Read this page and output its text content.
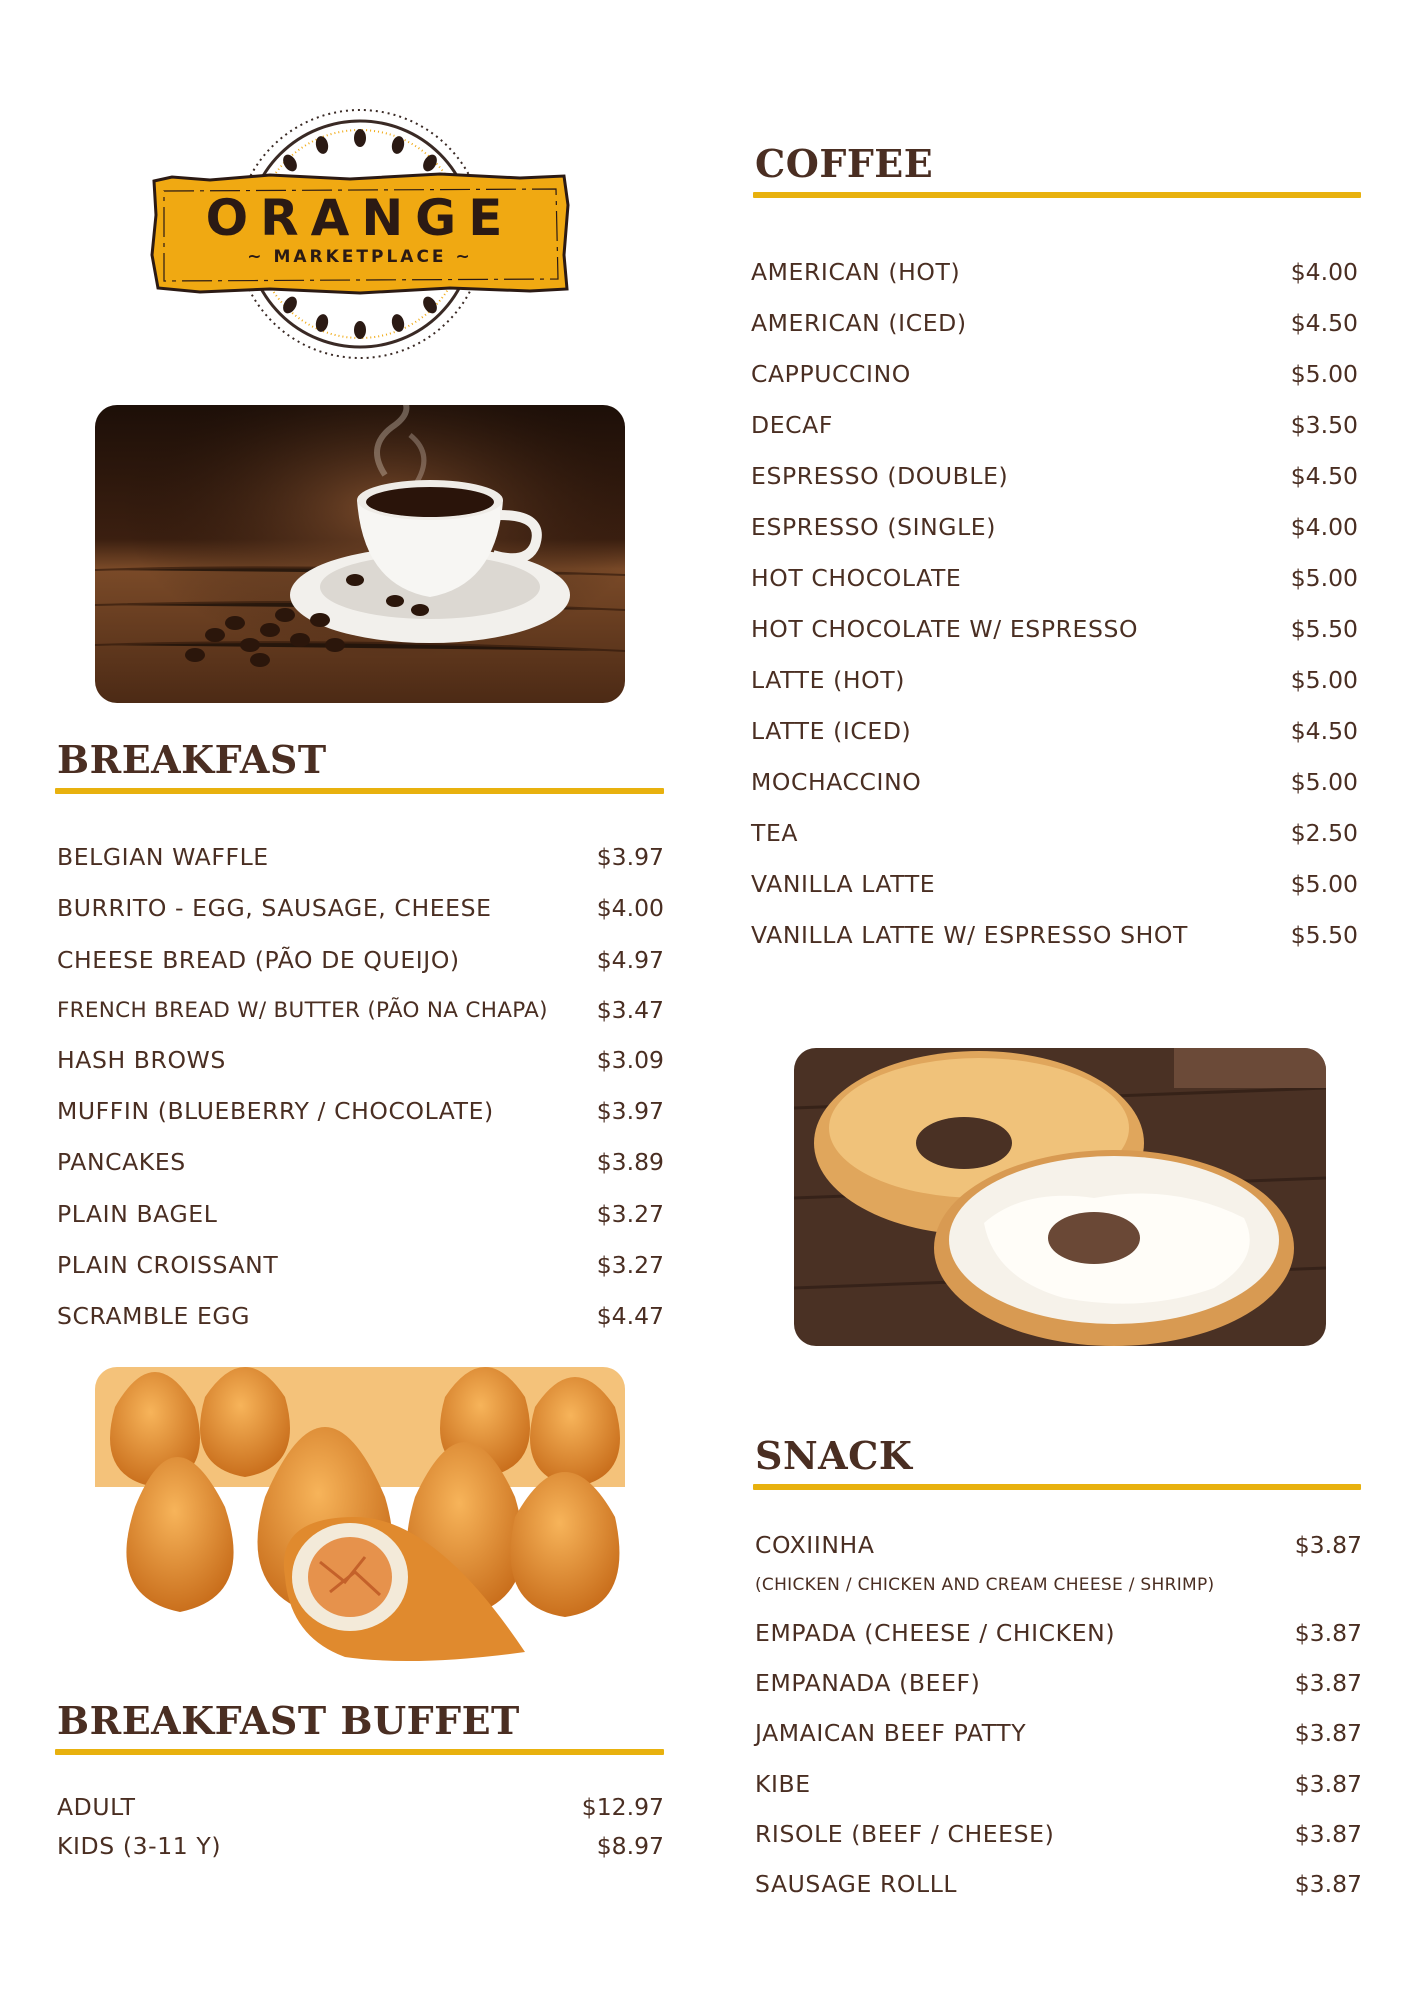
ORANGE
~ MARKETPLACE ~
BREAKFAST
BELGIAN WAFFLE	$3.97
BURRITO - EGG, SAUSAGE, CHEESE	$4.00
CHEESE BREAD (PÃO DE QUEIJO)	$4.97
FRENCH BREAD W/ BUTTER (PÃO NA CHAPA) $3.47
HASH BROWS	$3.09
MUFFIN (BLUEBERRY / CHOCOLATE)	$3.97
PANCAKES	$3.89
PLAIN BAGEL	$3.27
PLAIN CROISSANT	$3.27
SCRAMBLE EGG	$4.47
BREAKFAST BUFFET
ADULT	$12.97
KIDS (3-11 Y)	$8.97
COFFEE
AMERICAN (HOT)	$4.00
AMERICAN (ICED)	$4.50
CAPPUCCINO	$5.00
DECAF	$3.50
ESPRESSO (DOUBLE)	$4.50
ESPRESSO (SINGLE)	$4.00
HOT CHOCOLATE	$5.00
HOT CHOCOLATE W/ ESPRESSO	$5.50
LATTE (HOT)	$5.00
LATTE (ICED)	$4.50
MOCHACCINO	$5.00
TEA	$2.50
VANILLA LATTE	$5.00
VANILLA LATTE W/ ESPRESSO SHOT	$5.50
SNACK
COXIINHA	$3.87
(CHICKEN / CHICKEN AND CREAM CHEESE / SHRIMP)
EMPADA (CHEESE / CHICKEN)	$3.87
EMPANADA (BEEF)	$3.87
JAMAICAN BEEF PATTY	$3.87
KIBE	$3.87
RISOLE (BEEF / CHEESE)	$3.87
SAUSAGE ROLLL	$3.87
